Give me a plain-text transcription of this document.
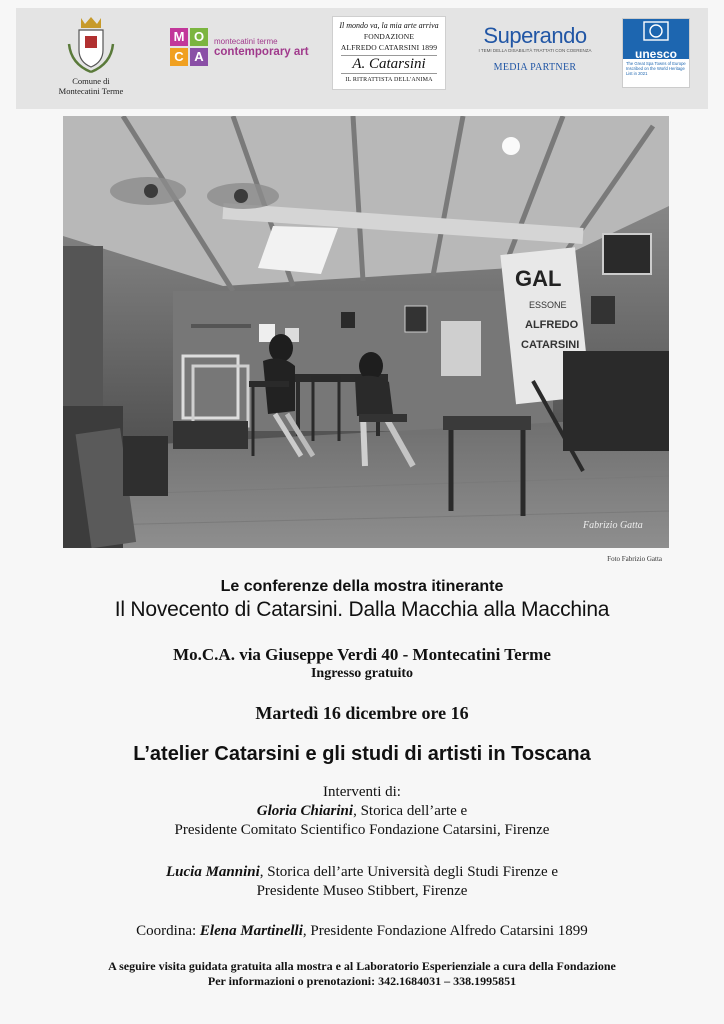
Comune di
Montecatini Terme
M O
C A
montecatini terme
contemporary art
Il mondo va, la mia arte arriva
FONDAZIONE
ALFREDO CATARSINI 1899
A. Catarsini
IL RITRATTISTA DELL'ANIMA
Superando
I TEMI DELLA DISABILITÀ TRATTATI CON COERENZA
MEDIA PARTNER
unesco
The Great Spa Towns of Europe Inscribed on the World Heritage List in 2021
GAL
ESSONE
ALFREDO
CATARSINI
Fabrizio Gatta
Foto Fabrizio Gatta
Le conferenze della mostra itinerante
Il Novecento di Catarsini. Dalla Macchia alla Macchina
Mo.C.A. via Giuseppe Verdi 40 - Montecatini Terme
Ingresso gratuito
Martedì 16 dicembre ore 16
L’atelier Catarsini e gli studi di artisti in Toscana
Interventi di:
Gloria Chiarini, Storica dell’arte e
Presidente Comitato Scientifico Fondazione Catarsini, Firenze
Lucia Mannini, Storica dell’arte Università degli Studi Firenze e
Presidente Museo Stibbert, Firenze
Coordina: Elena Martinelli, Presidente Fondazione Alfredo Catarsini 1899
A seguire visita guidata gratuita alla mostra e al Laboratorio Esperienziale a cura della Fondazione
Per informazioni o prenotazioni: 342.1684031 – 338.1995851
